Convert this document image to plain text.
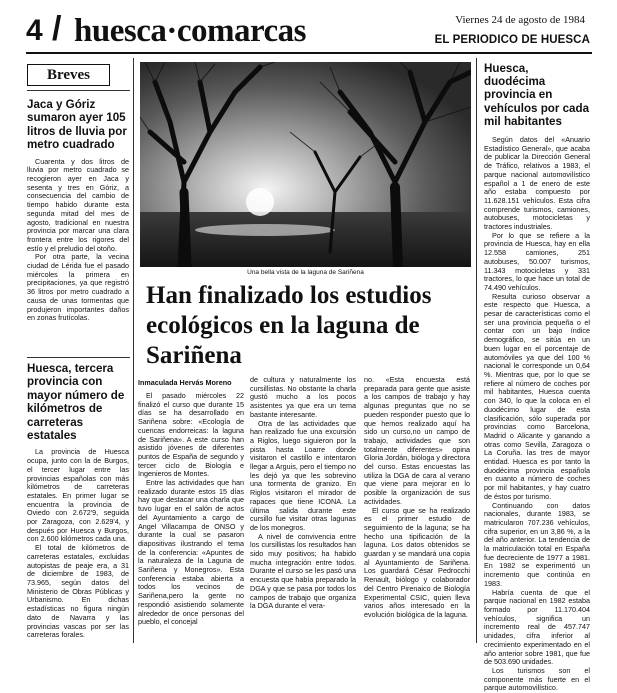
4 / huesca·comarcas	Viernes 24 de agosto de 1984
EL PERIODICO DE HUESCA
Breves
Jaca y Góriz sumaron ayer 105 litros de lluvia por metro cuadrado

Cuarenta y dos litros de lluvia por metro cuadrado se recogieron ayer en Jaca y sesenta y tres en Góriz, a consecuencia del cambio de tiempo habido durante esta segunda mitad del mes de agosto, tradicional en nuestra provincia por marcar una clara frontera entre los rigores del estío y el preludio del otoño.

Por otra parte, la vecina ciudad de Lérida fue el pasado miércoles la primera en precipitaciones, ya que registró 36 litros por metro cuadrado a causa de unas tormentas que produjeron importantes daños en zonas frutícolas.

Huesca, tercera provincia con mayor número de kilómetros de carreteras estatales

La provincia de Huesca ocupa, junto con la de Burgos, el tercer lugar entre las provincias españolas con más kilómetros de carreteras estatales. En primer lugar se encuentra la provincia de Oviedo con 2.672'9, seguida por Zaragoza, con 2.629'4, y después por Huesca y Burgos, con 2.600 kilómetros cada una.

El total de kilómetros de carreteras estatales, excluidas autopistas de peaje era, a 31 de diciembre de 1983, de 73.965, según datos del Ministerio de Obras Públicas y Urbanismo. En dichas estadísticas no figura ningún dato de Navarra y las provincias vascas por ser las carreteras forales.

Una bella vista de la laguna de Sariñena
Han finalizado los estudios ecológicos en la laguna de Sariñena
Inmaculada Hervás Moreno

El pasado miércoles 22 finalizó el curso que durante 15 días se ha desarrollado en Sariñena sobre: «Ecología de cuencas endorreicas: la laguna de Sariñena». A este curso han asistido jóvenes de diferentes puntos de España de segundo y tercer ciclo de Biología e Ingenieros de Montes.

Entre las actividades que han realizado durante estos 15 días hay que destacar una charla que tuvo lugar en el salón de actos del Ayuntamiento a cargo de Angel Villacampa de ONSO y durante la cual se pasaron diapositivas ilustrando el tema de la conferencia: «Apuntes de la naturaleza de la Laguna de Sariñena y Monegros». Esta conferencia estaba abierta a todos los vecinos de Sariñena,pero la gente no respondió asistiendo solamente alrededor de once personas del pueblo, el concejal

de cultura y naturalmente los cursillistas. No obstante la charla gustó mucho a los pocos asistentes ya que era un tema bastante interesante.

Otra de las actividades que han realizado fue una excursión a Riglos, luego siguieron por la pista hasta Loarre donde visitaron el castillo e intentaron llegar a Arguis, pero el tiempo no les dejó ya que les sobrevino una tormenta de granizo. En Riglos visitaron el mirador de rapaces que tiene ICONA. La última salida durante este cursillo fue visitar otras lagunas de los monegros.

A nivel de convivencia entre los cursillistas los resultados han sido muy positivos; ha habido mucha integración entre todos. Durante el curso se les pasó una encuesta que había preparado la DGA y que se pasa por todos los campos de trabajo que organiza la DGA durante el vera-

no. «Esta encuesta está preparada para gente que asiste a los campos de trabajo y hay algunas preguntas que no se pueden responder puesto que lo que hemos realizado aquí ha sido un curso,no un campo de trabajo, actividades que son totalmente diferentes» opina Gloria Jordán, bióloga y directora del curso. Estas encuestas las utiliza la DGA de cara al verano que viene para mejorar en lo posible la organización de sus actividades.

El curso que se ha realizado es el primer estudio de seguimiento de la laguna; se ha hecho una tipificación de la laguna. Los datos obtenidos se guardan y se mandará una copia al Ayuntamiento de Sariñena. Los guardará César Pedrocchi Renault, biólogo y colaborador del Centro Pirenaico de Biología Experimental CSIC, quien lleva varios años interesado en la evolución biológica de la laguna.

Huesca, duodécima provincia en vehículos por cada mil habitantes

Según datos del «Anuario Estadístico General», que acaba de publicar la Dirección General de Tráfico, relativos a 1983, el parque nacional automovilístico español a 1 de enero de este año estaba compuesto por 11.628.151 vehículos. Esta cifra comprende turismos, camiones, autobuses, motocicletas y tractores industriales.

Por lo que se refiere a la provincia de Huesca, hay en ella 12.558 camiones, 251 autobuses, 50.007 turismos, 11.343 motocicletas y 331 tractores, lo que hace un total de 74.490 vehículos.

Resulta curioso observar a este respecto que Huesca, a pesar de características como el ser una provincia pequeña o el contar con un bajo índice demográfico, se sitúa en un buen lugar en el porcentaje de automóviles ya que del 100 % nacional le corresponde un 0,64 %. Mientras que, por lo que se refiere al número de coches por mil habitantes, Huesca cuenta con 340, lo que la coloca en el duodécimo lugar de esta clasificación, sólo superada por provincias como Barcelona, Madrid o Alicante y ganando a otras como Sevilla, Zaragoza o La Coruña. las tres de mayor entidad. Huesca es por tanto la duodécima provincia española en cuanto a número de coches por mil habitantes, y hay cuatro de éstos por turismo.

Continuando con datos nacionales, durante 1983, se matricularon 707.236 vehículos, cifra superior, en un 3,86 %, a la del año anterior. La tendencia de la matriculación total en España fue decreciente de 1977 a 1981. En 1982 se experimentó un incremento que continúa en 1983.

Habría cuenta de que el parque nacional en 1982 estaba formado por 11.170.404 vehículos, significa un incremento real de 457.747 unidades, cifra inferior al crecimiento experimentado en el año anterior sobre 1981, que fue de 503.690 unidades.

Los turismos son el componente más fuerte en el parque automovilístico.
